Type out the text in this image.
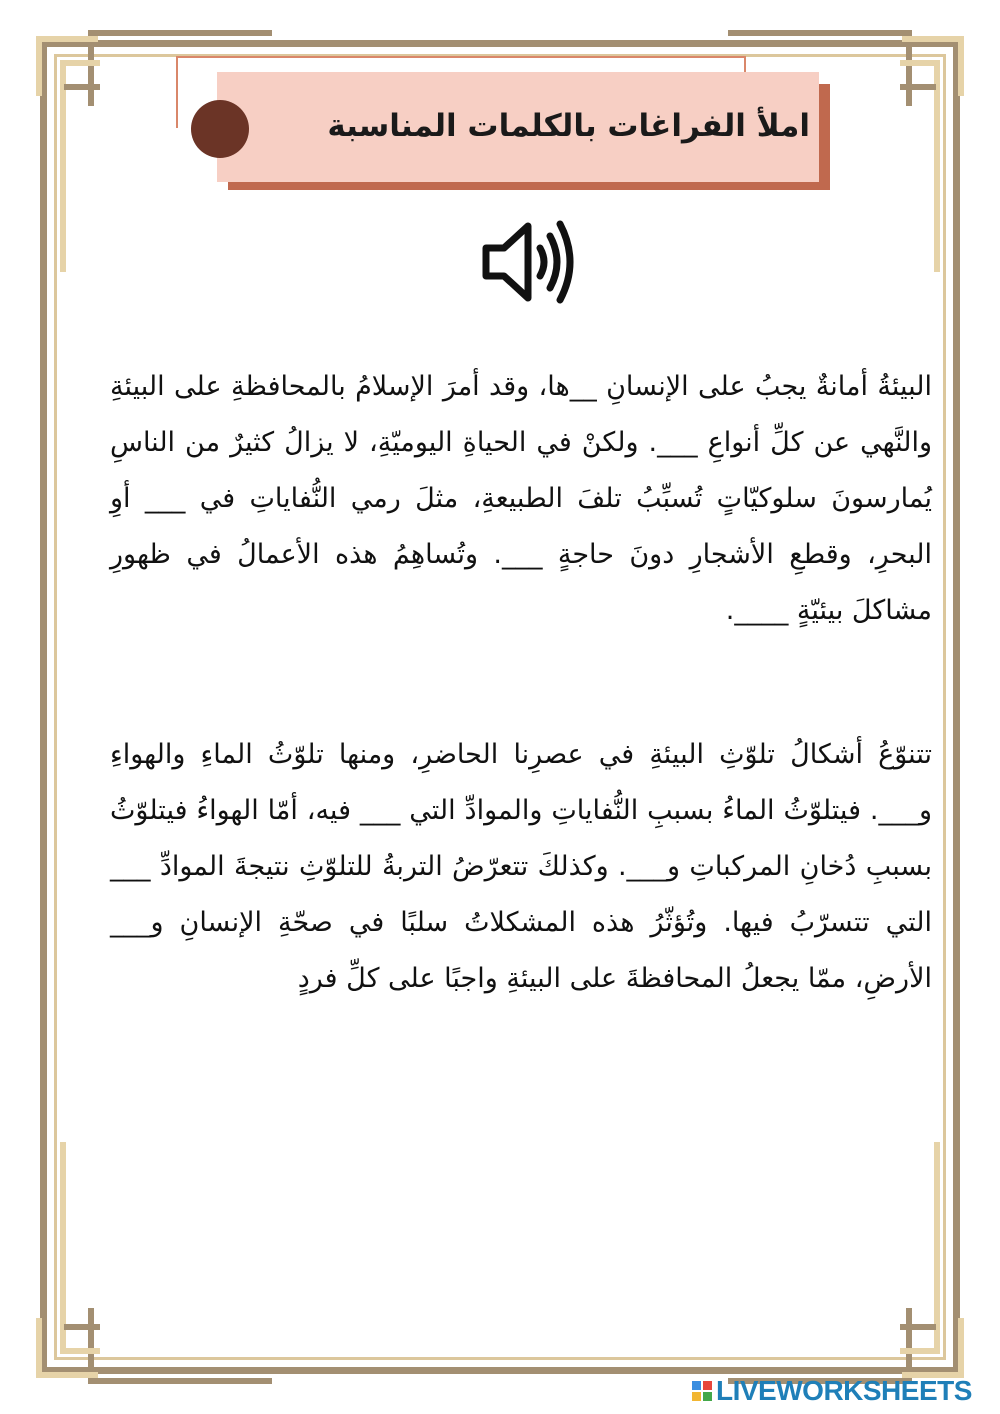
املأ الفراغات بالكلمات المناسبة

البيئةُ أمانةٌ يجبُ على الإنسانِ __ها، وقد أمرَ الإسلامُ بالمحافظةِ على البيئةِ والنَّهي عن كلِّ أنواعِ ___. ولكنْ في الحياةِ اليوميّةِ، لا يزالُ كثيرٌ من الناسِ يُمارسونَ سلوكيّاتٍ تُسبِّبُ تلفَ الطبيعةِ، مثلَ رمي النُّفاياتِ في ___ أوِ البحرِ، وقطعِ الأشجارِ دونَ حاجةٍ ___. وتُساهِمُ هذه الأعمالُ في ظهورِ مشاكلَ بيئيّةٍ ____.

تتنوّعُ أشكالُ تلوّثِ البيئةِ في عصرِنا الحاضرِ، ومنها تلوّثُ الماءِ والهواءِ و___. فيتلوّثُ الماءُ بسببِ النُّفاياتِ والموادِّ التي ___ فيه، أمّا الهواءُ فيتلوّثُ بسببِ دُخانِ المركباتِ و___. وكذلكَ تتعرّضُ التربةُ للتلوّثِ نتيجةَ الموادِّ ___ التي تتسرّبُ فيها. وتُؤثّرُ هذه المشكلاتُ سلبًا في صحّةِ الإنسانِ و___ الأرضِ، ممّا يجعلُ المحافظةَ على البيئةِ واجبًا على كلِّ فردٍ

LIVEWORKSHEETS
